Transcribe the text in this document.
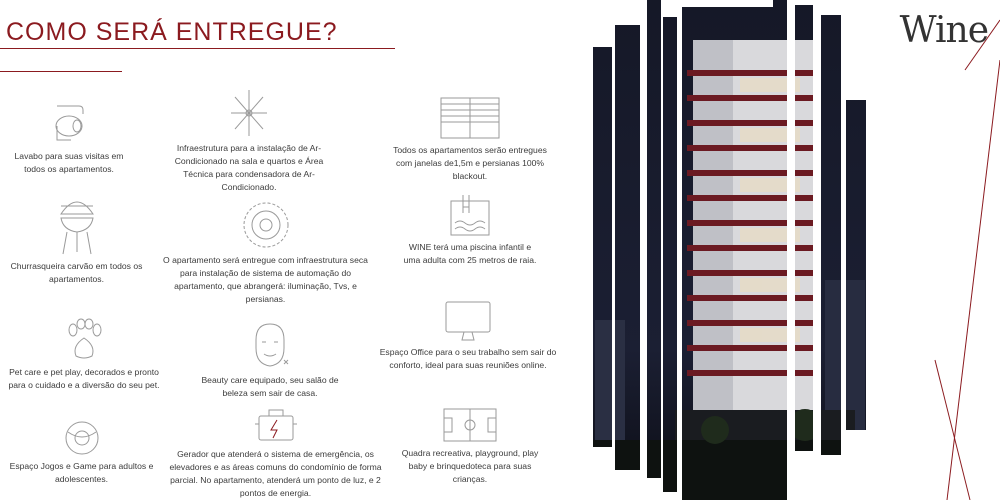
COMO SERÁ ENTREGUE?
Lavabo para suas visitas em todos os apartamentos.
Churrasqueira carvão em todos os apartamentos.
Pet care e pet play, decorados e pronto para o cuidado e a diversão do seu pet.
Espaço Jogos e Game para adultos e adolescentes.
Infraestrutura para a instalação de Ar-Condicionado na sala e quartos e Área Técnica para condensadora de Ar-Condicionado.
O apartamento será entregue com infraestrutura seca para instalação de sistema de automação do apartamento, que abrangerá: iluminação, Tvs, e persianas.
Beauty care equipado, seu salão de beleza sem sair de casa.
Gerador que atenderá o sistema de emergência, os elevadores e as áreas comuns do condomínio de forma parcial. No apartamento, atenderá um ponto de luz, e 2 pontos de energia.
Todos os apartamentos serão entregues com janelas de1,5m e persianas 100% blackout.
WINE terá uma piscina infantil e uma adulta com 25 metros de raia.
Espaço Office para o seu trabalho sem sair do conforto, ideal para suas reuniões online.
Quadra recreativa, playground, play baby e brinquedoteca para suas crianças.
Wine
